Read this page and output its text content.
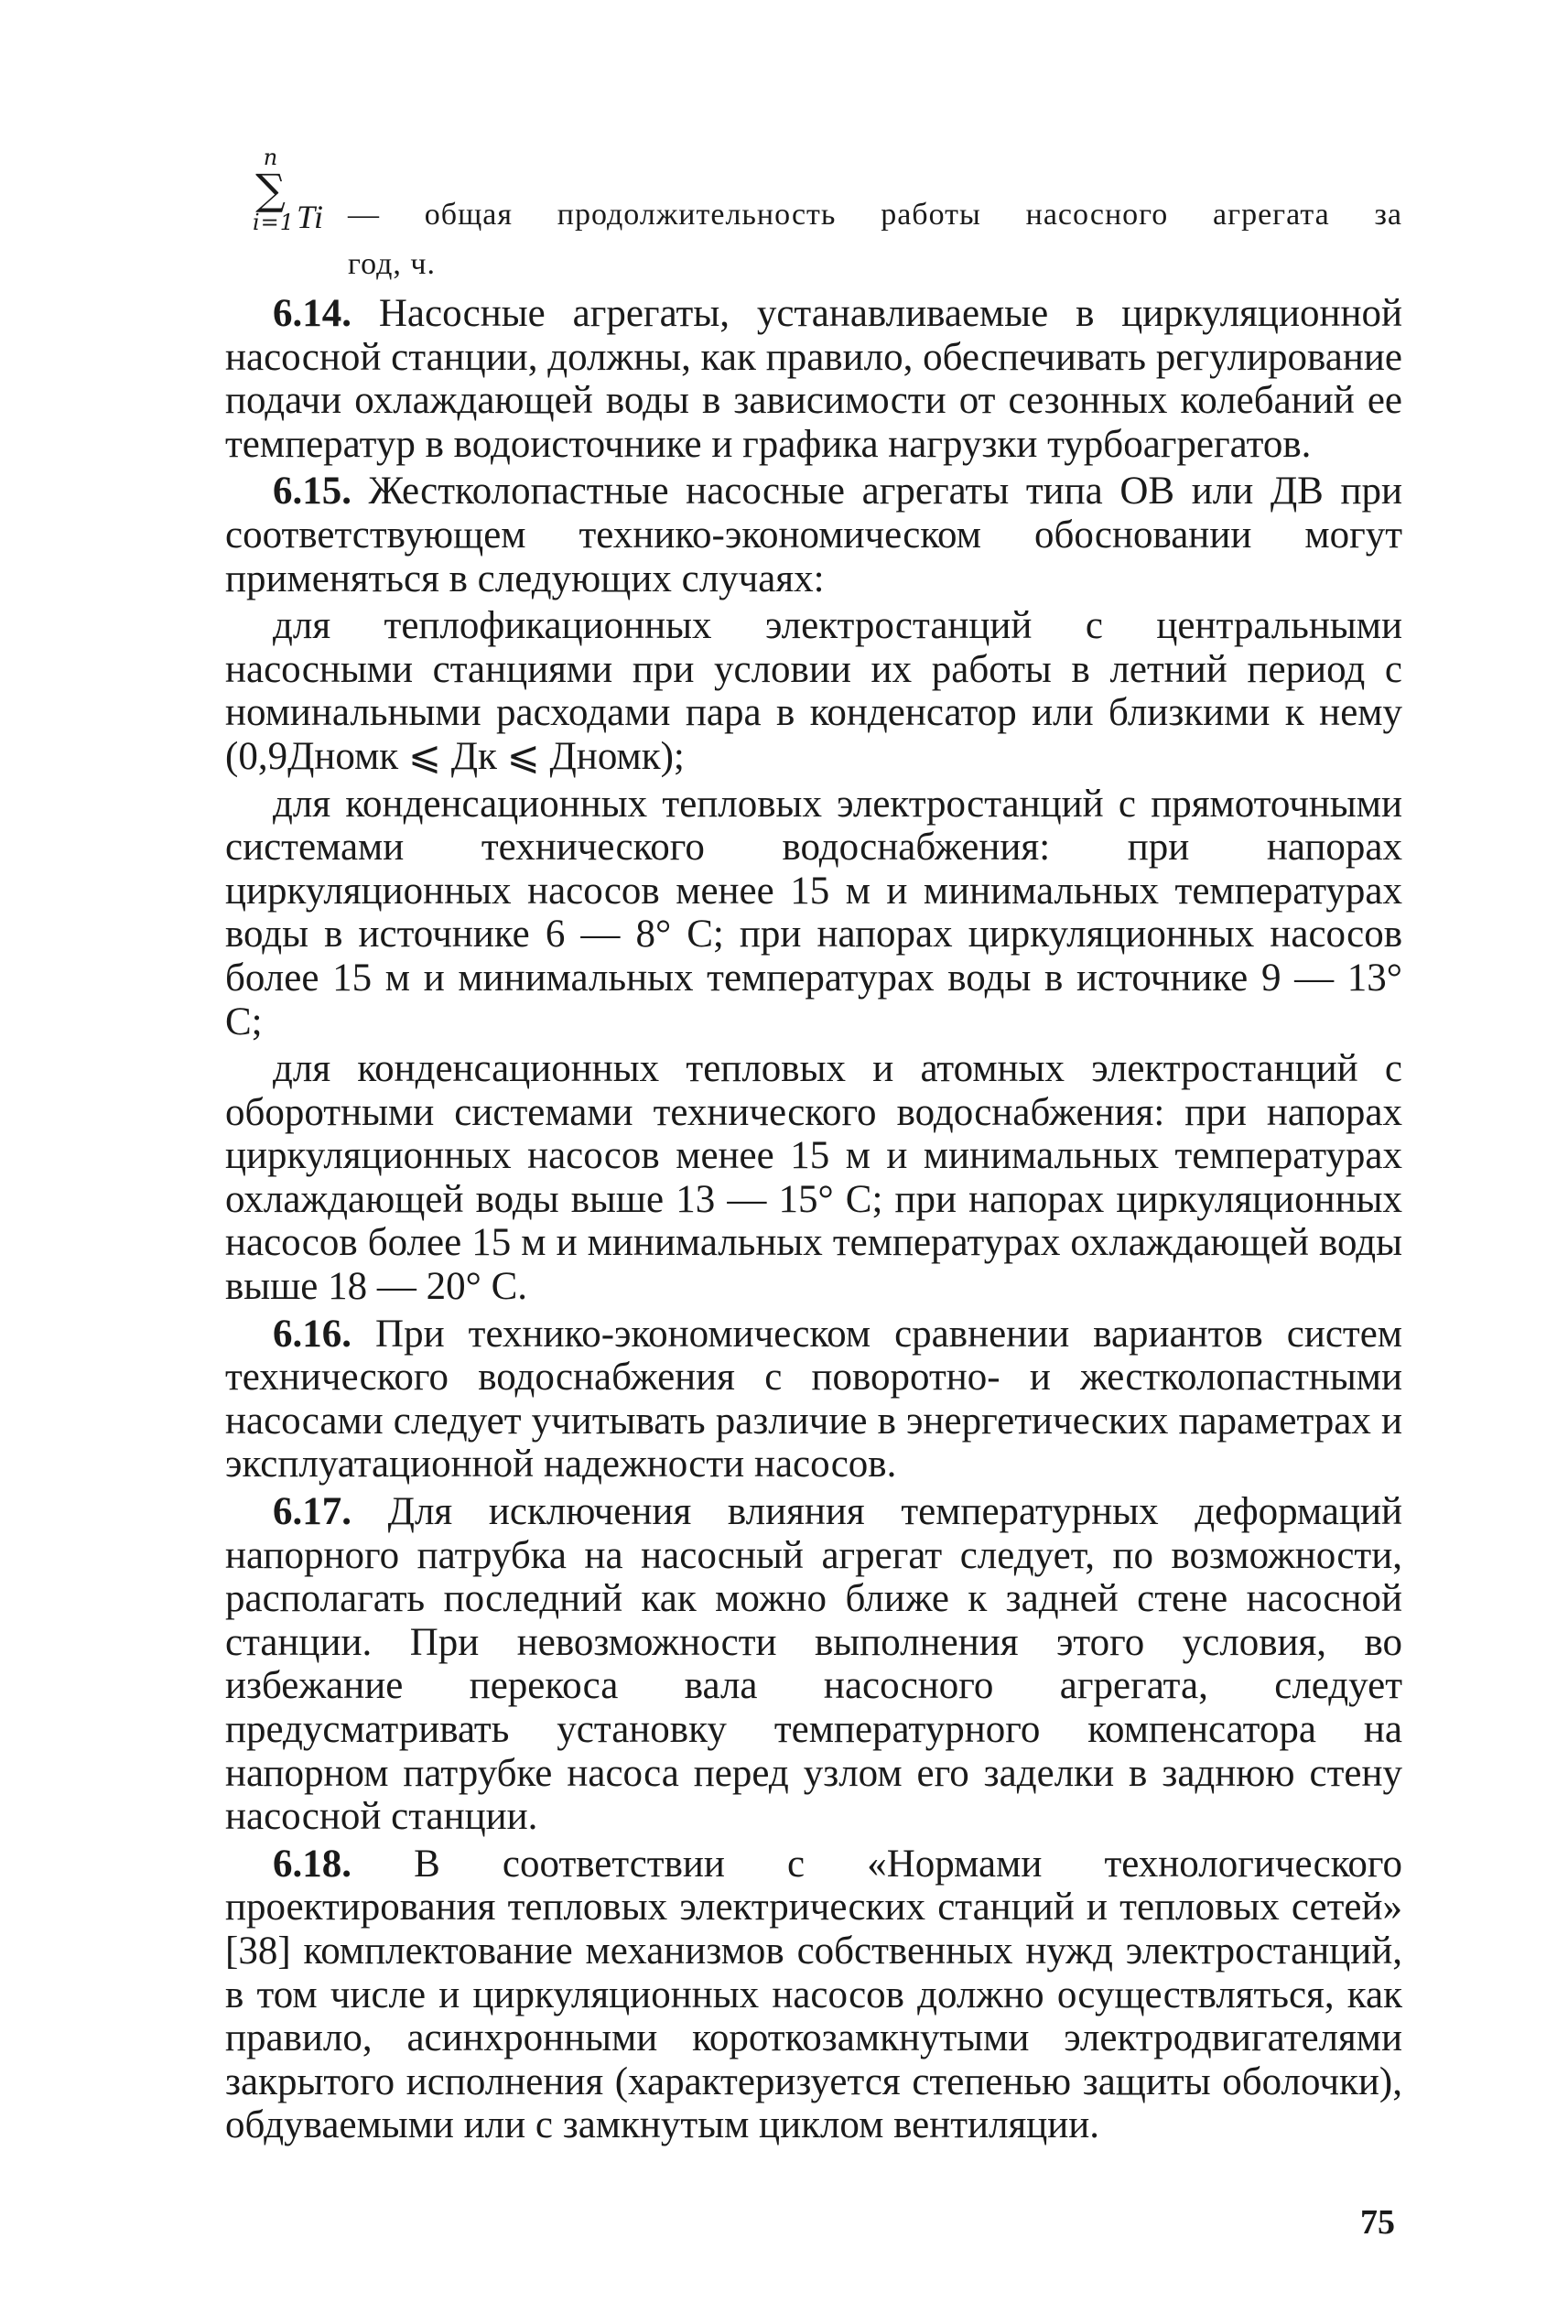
n
∑
i=1 Ti — общая продолжительность работы насосного агрегата за
год, ч.

6.14. Насосные агрегаты, устанавливаемые в циркуляционной насосной станции, должны, как правило, обеспечивать регулирование подачи охлаждающей воды в зависимости от сезонных колебаний ее температур в водоисточнике и графика нагрузки турбоагрегатов.

6.15. Жестколопастные насосные агрегаты типа ОВ или ДВ при соответствующем технико-экономическом обосновании могут применяться в следующих случаях:

для теплофикационных электростанций с центральными насосными станциями при условии их работы в летний период с номинальными расходами пара в конденсатор или близкими к нему (0,9Дномк ⩽ Дк ⩽ Дномк);

для конденсационных тепловых электростанций с прямоточными системами технического водоснабжения: при напорах циркуляционных насосов менее 15 м и минимальных температурах воды в источнике 6 — 8° С; при напорах циркуляционных насосов более 15 м и минимальных температурах воды в источнике 9 — 13° С;

для конденсационных тепловых и атомных электростанций с оборотными системами технического водоснабжения: при напорах циркуляционных насосов менее 15 м и минимальных температурах охлаждающей воды выше 13 — 15° С; при напорах циркуляционных насосов более 15 м и минимальных температурах охлаждающей воды выше 18 — 20° С.

6.16. При технико-экономическом сравнении вариантов систем технического водоснабжения с поворотно- и жестколопастными насосами следует учитывать различие в энергетических параметрах и эксплуатационной надежности насосов.

6.17. Для исключения влияния температурных деформаций напорного патрубка на насосный агрегат следует, по возможности, располагать последний как можно ближе к задней стене насосной станции. При невозможности выполнения этого условия, во избежание перекоса вала насосного агрегата, следует предусматривать установку температурного компенсатора на напорном патрубке насоса перед узлом его заделки в заднюю стену насосной станции.

6.18. В соответствии с «Нормами технологического проектирования тепловых электрических станций и тепловых сетей» [38] комплектование механизмов собственных нужд электростанций, в том числе и циркуляционных насосов должно осуществляться, как правило, асинхронными короткозамкнутыми электродвигателями закрытого исполнения (характеризуется степенью защиты оболочки), обдуваемыми или с замкнутым циклом вентиляции.

75
